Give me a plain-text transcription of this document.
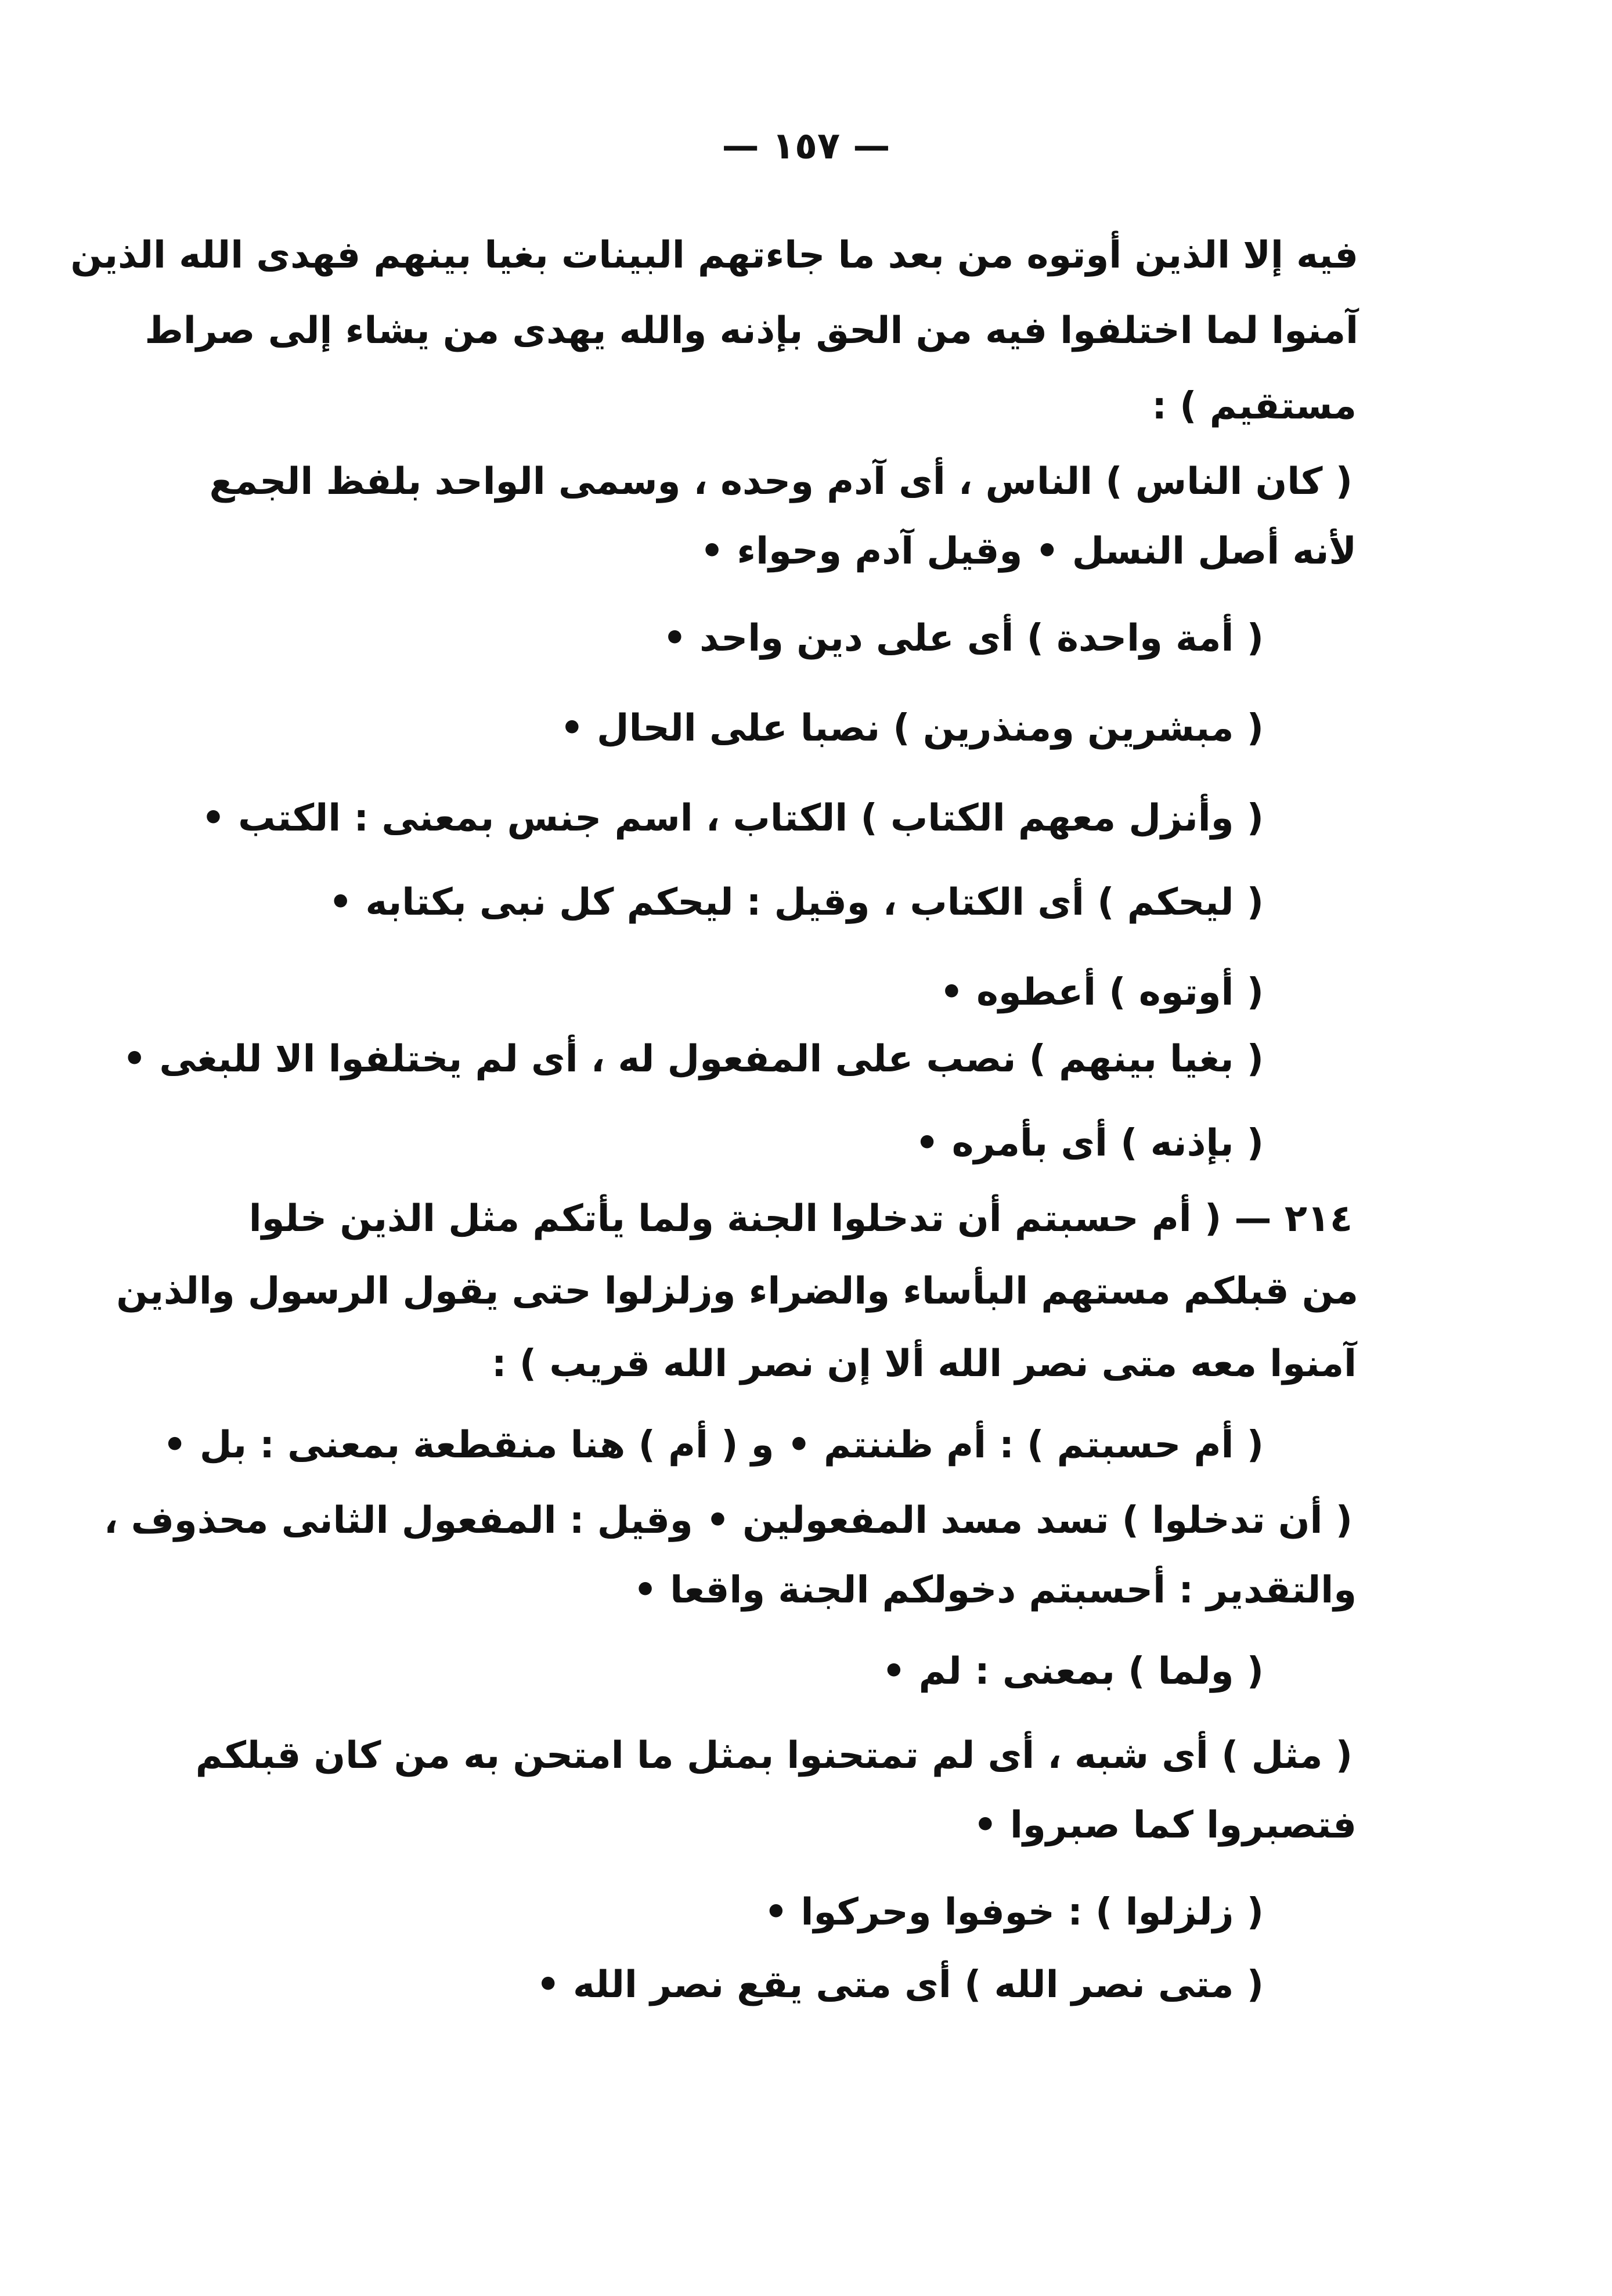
— ١٥٧ —
فيه إلا الذين أوتوه من بعد ما جاءتهم البينات بغيا بينهم فهدى الله الذين
آمنوا لما اختلفوا فيه من الحق بإذنه والله يهدى من يشاء إلى صراط
مستقيم ) :
( كان الناس ) الناس ، أى آدم وحده ، وسمى الواحد بلفظ الجمع
لأنه أصل النسل • وقيل آدم وحواء •
( أمة واحدة ) أى على دين واحد •
( مبشرين ومنذرين ) نصبا على الحال •
( وأنزل معهم الكتاب ) الكتاب ، اسم جنس بمعنى : الكتب •
( ليحكم ) أى الكتاب ، وقيل : ليحكم كل نبى بكتابه •
( أوتوه ) أعطوه •
( بغيا بينهم ) نصب على المفعول له ، أى لم يختلفوا الا للبغى •
( بإذنه ) أى بأمره •
٢١٤ — ( أم حسبتم أن تدخلوا الجنة ولما يأتكم مثل الذين خلوا
من قبلكم مستهم البأساء والضراء وزلزلوا حتى يقول الرسول والذين
آمنوا معه متى نصر الله ألا إن نصر الله قريب ) :
( أم حسبتم ) : أم ظننتم • و ( أم ) هنا منقطعة بمعنى : بل •
( أن تدخلوا ) تسد مسد المفعولين • وقيل : المفعول الثانى محذوف ،
والتقدير : أحسبتم دخولكم الجنة واقعا •
( ولما ) بمعنى : لم •
( مثل ) أى شبه ، أى لم تمتحنوا بمثل ما امتحن به من كان قبلكم
فتصبروا كما صبروا •
( زلزلوا ) : خوفوا وحركوا •
( متى نصر الله ) أى متى يقع نصر الله •
